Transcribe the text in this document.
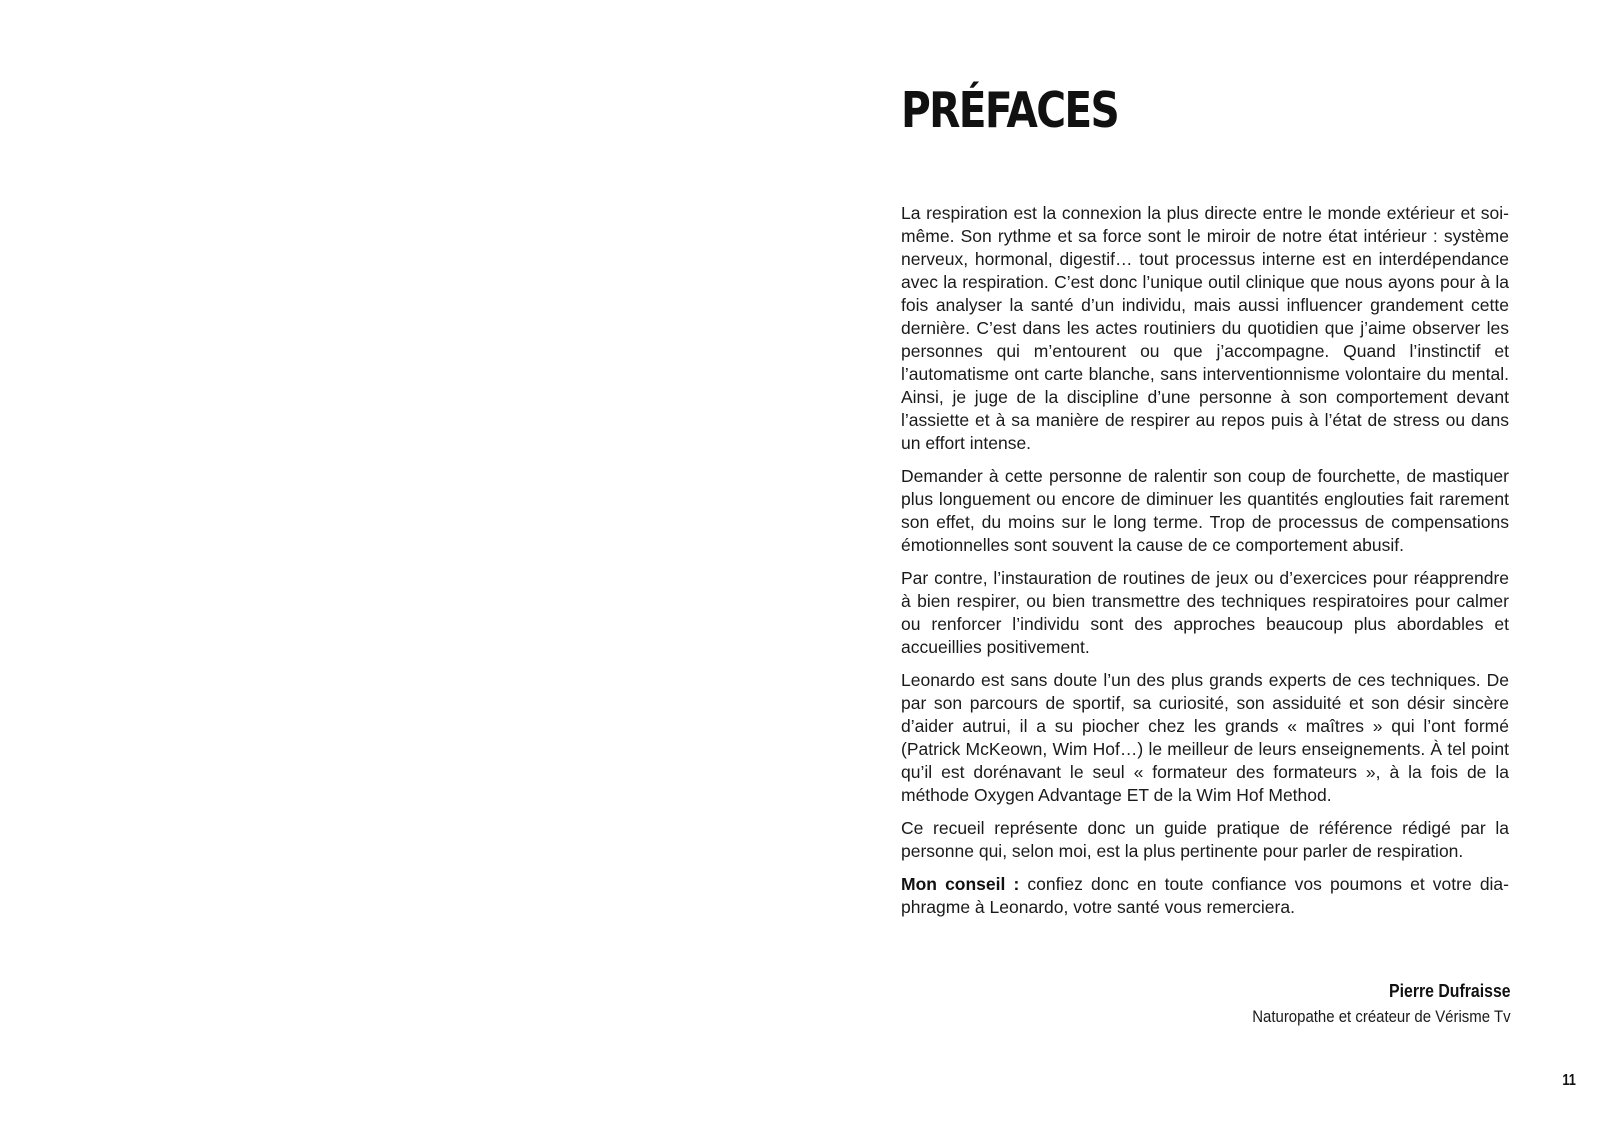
PRÉFACES

La respiration est la connexion la plus directe entre le monde extérieur et soi-même. Son rythme et sa force sont le miroir de notre état intérieur : système nerveux, hormonal, digestif… tout processus interne est en interdépendance avec la respiration. C’est donc l’unique outil clinique que nous ayons pour à la fois analyser la santé d’un individu, mais aussi influencer grandement cette dernière. C’est dans les actes routiniers du quotidien que j’aime observer les personnes qui m’entourent ou que j’accompagne. Quand l’instinctif et l’automatisme ont carte blanche, sans interventionnisme volontaire du mental. Ainsi, je juge de la discipline d’une personne à son comportement devant l’assiette et à sa manière de respirer au repos puis à l’état de stress ou dans un effort intense.

Demander à cette personne de ralentir son coup de fourchette, de mastiquer plus longuement ou encore de diminuer les quantités englouties fait rarement son effet, du moins sur le long terme. Trop de processus de compensations émotionnelles sont souvent la cause de ce comportement abusif.

Par contre, l’instauration de routines de jeux ou d’exercices pour réapprendre à bien respirer, ou bien transmettre des techniques respiratoires pour calmer ou renforcer l’individu sont des approches beaucoup plus abordables et accueillies positivement.

Leonardo est sans doute l’un des plus grands experts de ces techniques. De par son parcours de sportif, sa curiosité, son assiduité et son désir sincère d’aider autrui, il a su piocher chez les grands « maîtres » qui l’ont formé (Patrick McKeown, Wim Hof…) le meilleur de leurs enseignements. À tel point qu’il est dorénavant le seul « formateur des formateurs », à la fois de la méthode Oxygen Advantage ET de la Wim Hof Method.

Ce recueil représente donc un guide pratique de référence rédigé par la personne qui, selon moi, est la plus pertinente pour parler de respiration.

Mon conseil : confiez donc en toute confiance vos poumons et votre diaphragme à Leonardo, votre santé vous remerciera.

Pierre Dufraisse
Naturopathe et créateur de Vérisme Tv
11
